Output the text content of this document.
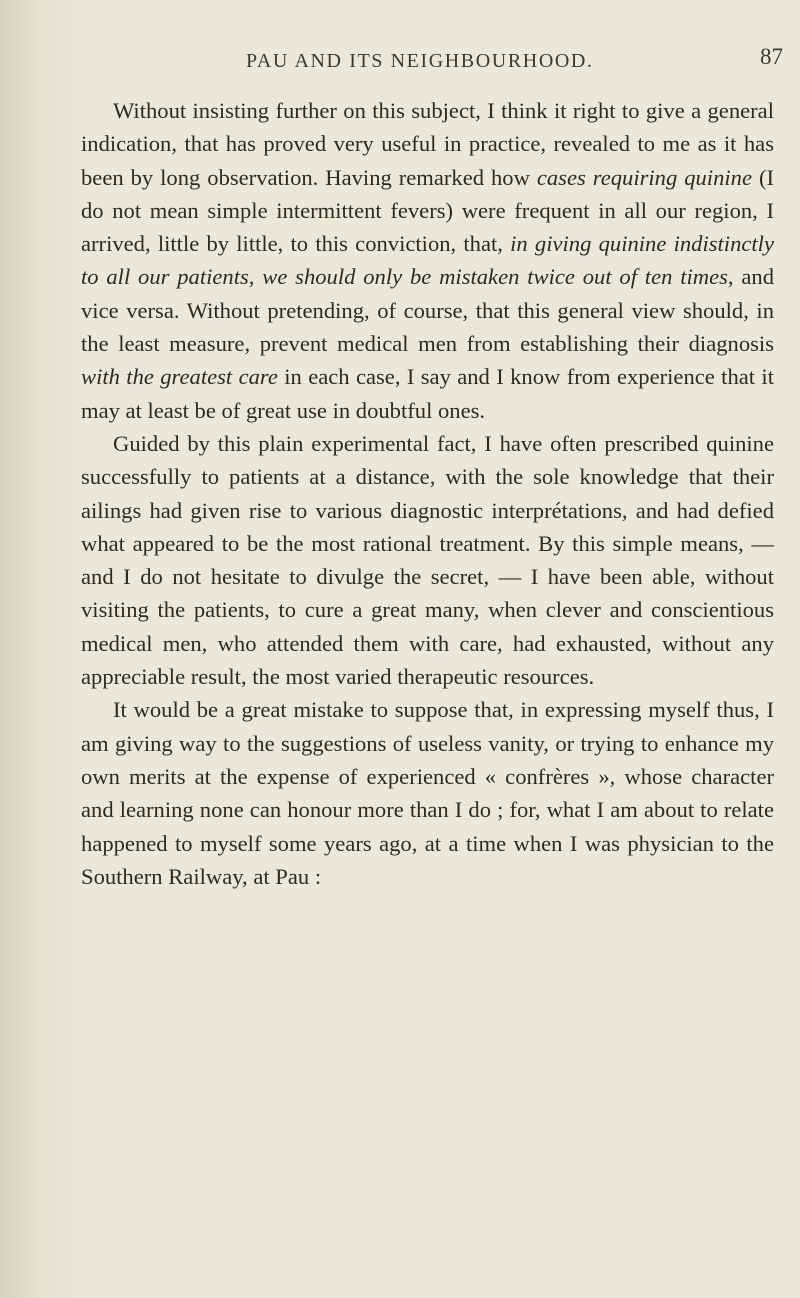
PAU AND ITS NEIGHBOURHOOD.	87

Without insisting further on this subject, I think it right to give a general indication, that has proved very useful in practice, revealed to me as it has been by long observation. Having remarked how cases requiring quinine (I do not mean simple intermittent fevers) were frequent in all our region, I arrived, little by little, to this conviction, that, in giving quinine indistinctly to all our patients, we should only be mistaken twice out of ten times, and vice versa. Without pretending, of course, that this general view should, in the least measure, prevent medical men from establishing their diagnosis with the greatest care in each case, I say and I know from experience that it may at least be of great use in doubtful ones.

Guided by this plain experimental fact, I have often prescribed quinine successfully to patients at a distance, with the sole knowledge that their ailings had given rise to various diagnostic interprétations, and had defied what appeared to be the most rational treatment. By this simple means, — and I do not hesitate to divulge the secret, — I have been able, without visiting the patients, to cure a great many, when clever and conscientious medical men, who attended them with care, had exhausted, without any appreciable result, the most varied therapeutic resources.

It would be a great mistake to suppose that, in expressing myself thus, I am giving way to the suggestions of useless vanity, or trying to enhance my own merits at the expense of experienced « confrères », whose character and learning none can honour more than I do ; for, what I am about to relate happened to myself some years ago, at a time when I was physician to the Southern Railway, at Pau :
